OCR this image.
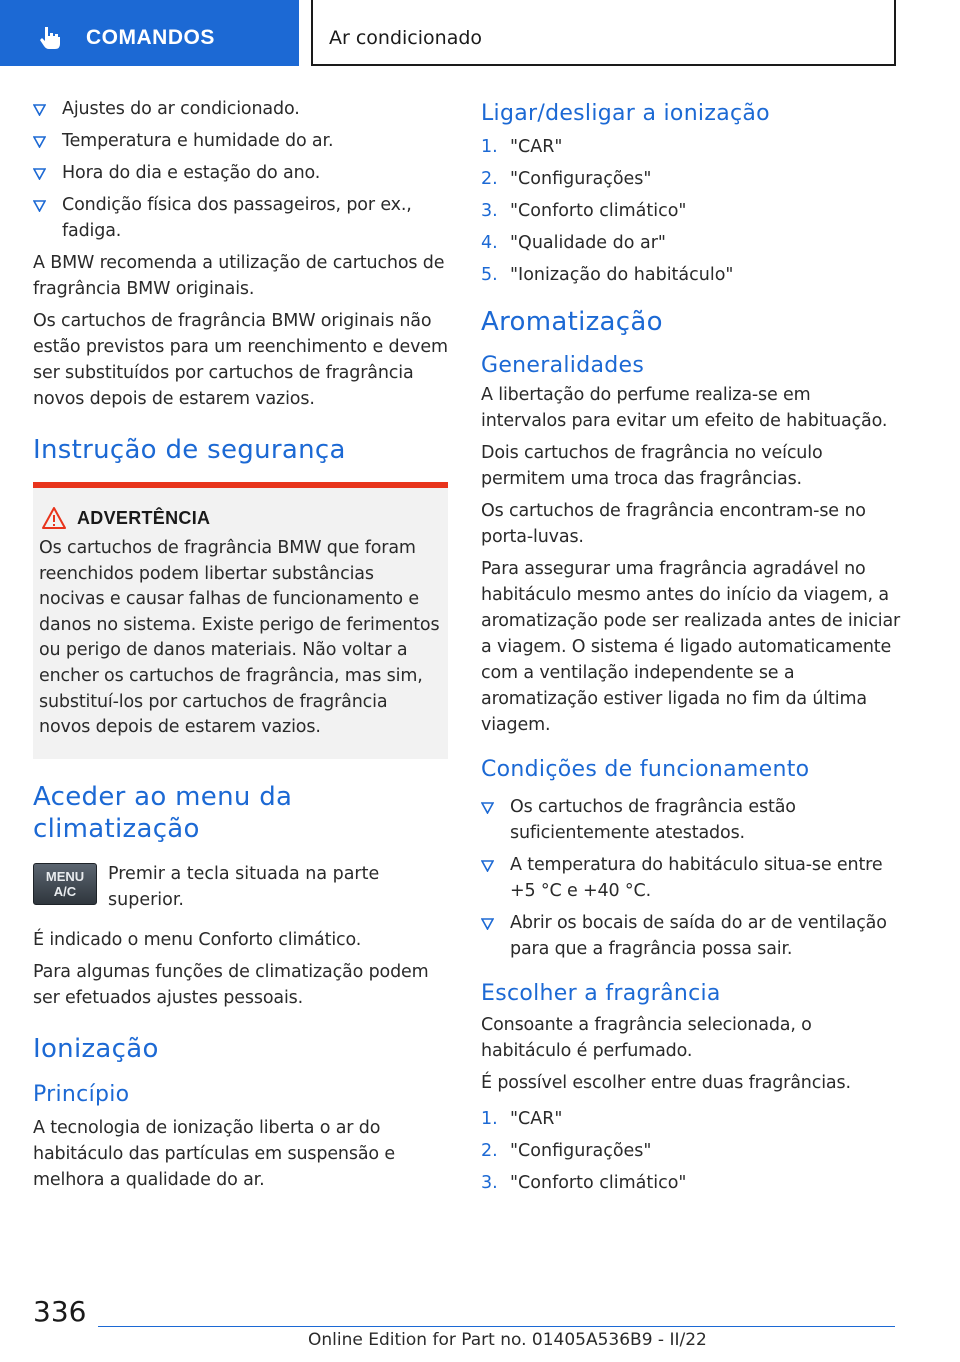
COMANDOS	Ar condicionado
Ajustes do ar condicionado.
Temperatura e humidade do ar.
Hora do dia e estação do ano.
Condição física dos passageiros, por ex., fadiga.

A BMW recomenda a utilização de cartuchos de fragrância BMW originais.

Os cartuchos de fragrância BMW originais não estão previstos para um reenchimento e devem ser substituídos por cartuchos de fragrância novos depois de estarem vazios.

Instrução de segurança
ADVERTÊNCIA

Os cartuchos de fragrância BMW que foram reenchidos podem libertar substâncias nocivas e causar falhas de funcionamento e danos no sistema. Existe perigo de ferimentos ou perigo de danos materiais. Não voltar a encher os cartuchos de fragrância, mas sim, substituí-los por cartuchos de fragrância novos depois de estarem vazios.

Aceder ao menu da climatização
MENU
A/C

Premir a tecla situada na parte superior.

É indicado o menu Conforto climático.

Para algumas funções de climatização podem ser efetuados ajustes pessoais.

Ionização
Princípio

A tecnologia de ionização liberta o ar do habitáculo das partículas em suspensão e melhora a qualidade do ar.

Ligar/desligar a ionização
1. "CAR"
2. "Configurações"
3. "Conforto climático"
4. "Qualidade do ar"
5. "Ionização do habitáculo"
Aromatização
Generalidades

A libertação do perfume realiza-se em intervalos para evitar um efeito de habituação.

Dois cartuchos de fragrância no veículo permitem uma troca das fragrâncias.

Os cartuchos de fragrância encontram-se no porta-luvas.

Para assegurar uma fragrância agradável no habitáculo mesmo antes do início da viagem, a aromatização pode ser realizada antes de iniciar a viagem. O sistema é ligado automaticamente com a ventilação independente se a aromatização estiver ligada no fim da última viagem.

Condições de funcionamento
Os cartuchos de fragrância estão suficientemente atestados.
A temperatura do habitáculo situa-se entre +5 °C e +40 °C.
Abrir os bocais de saída do ar de ventilação para que a fragrância possa sair.
Escolher a fragrância

Consoante a fragrância selecionada, o habitáculo é perfumado.

É possível escolher entre duas fragrâncias.

1. "CAR"
2. "Configurações"
3. "Conforto climático"
336
Online Edition for Part no. 01405A536B9 - II/22
